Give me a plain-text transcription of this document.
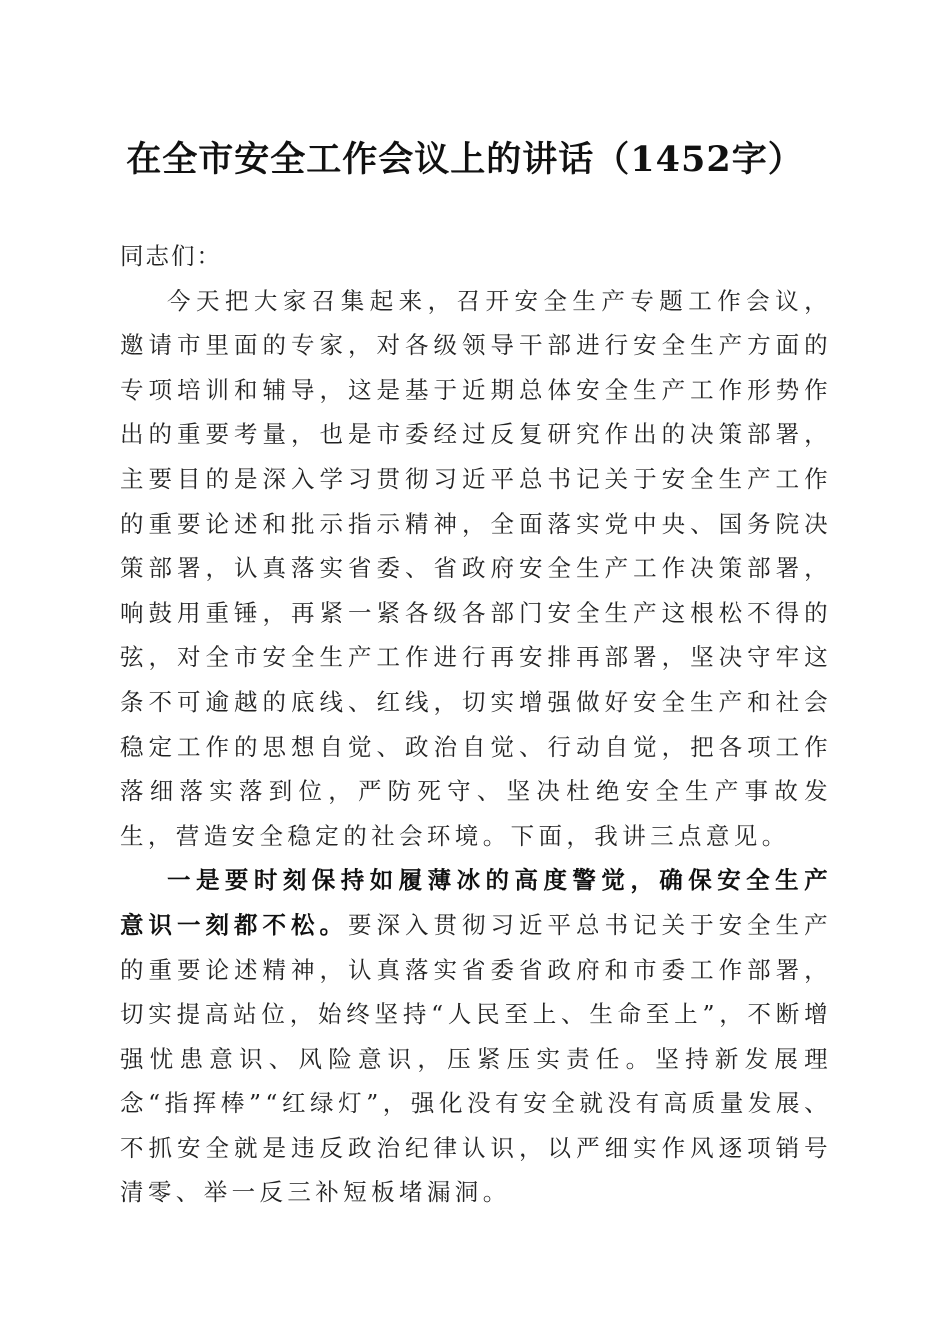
在全市安全工作会议上的讲话（1452字）

同志们：

今天把大家召集起来，召开安全生产专题工作会议，邀请市里面的专家，对各级领导干部进行安全生产方面的专项培训和辅导，这是基于近期总体安全生产工作形势作出的重要考量，也是市委经过反复研究作出的决策部署，主要目的是深入学习贯彻习近平总书记关于安全生产工作的重要论述和批示指示精神，全面落实党中央、国务院决策部署，认真落实省委、省政府安全生产工作决策部署，响鼓用重锤，再紧一紧各级各部门安全生产这根松不得的弦，对全市安全生产工作进行再安排再部署，坚决守牢这条不可逾越的底线、红线，切实增强做好安全生产和社会稳定工作的思想自觉、政治自觉、行动自觉，把各项工作落细落实落到位，严防死守、坚决杜绝安全生产事故发生，营造安全稳定的社会环境。下面，我讲三点意见。

一是要时刻保持如履薄冰的高度警觉，确保安全生产意识一刻都不松。要深入贯彻习近平总书记关于安全生产的重要论述精神，认真落实省委省政府和市委工作部署，切实提高站位，始终坚持“人民至上、生命至上”，不断增强忧患意识、风险意识，压紧压实责任。坚持新发展理念“指挥棒”“红绿灯”，强化没有安全就没有高质量发展、不抓安全就是违反政治纪律认识，以严细实作风逐项销号清零、举一反三补短板堵漏洞。
